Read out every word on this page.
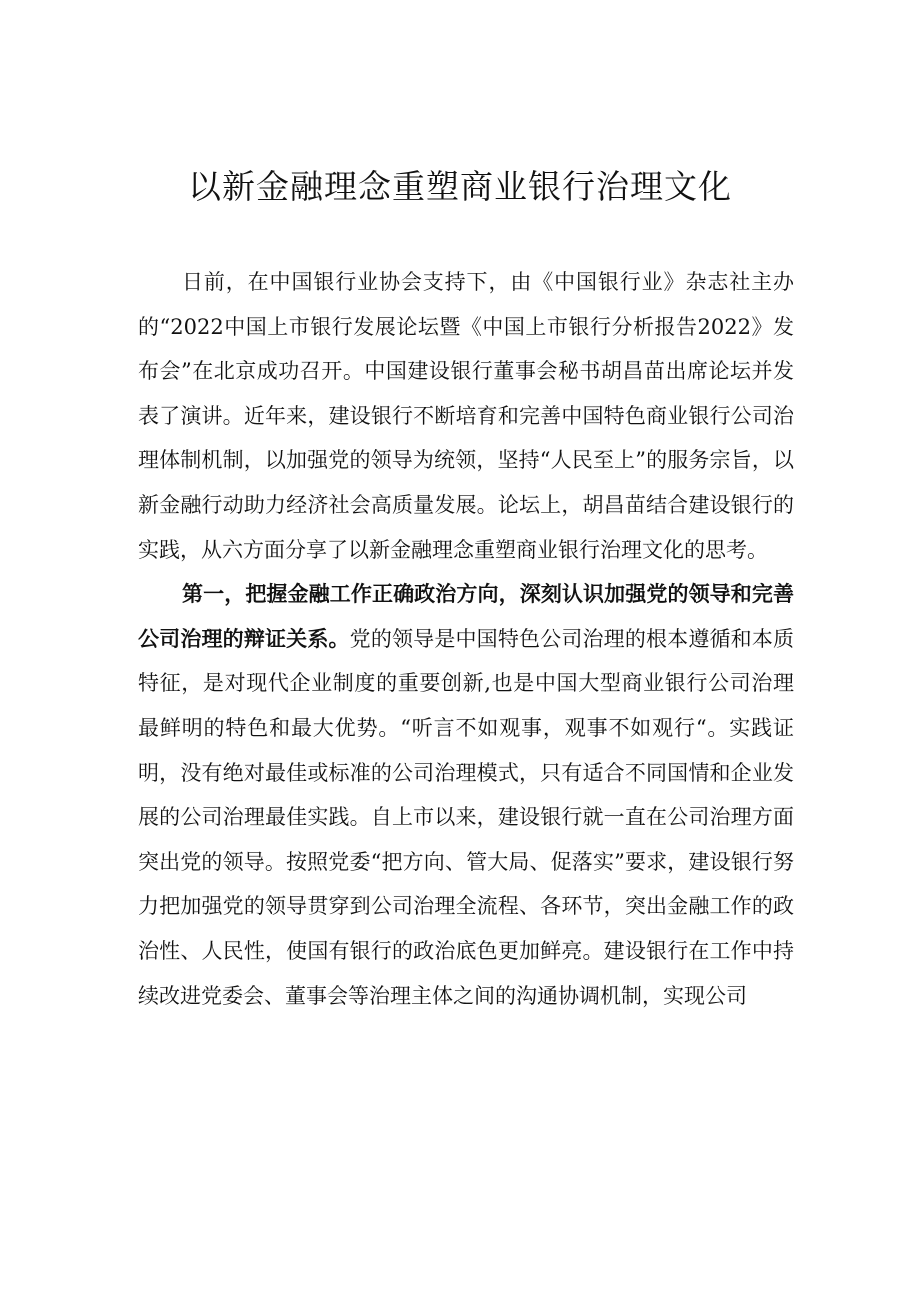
以新金融理念重塑商业银行治理文化

日前，在中国银行业协会支持下，由《中国银行业》杂志社主办的“2022中国上市银行发展论坛暨《中国上市银行分析报告2022》发布会”在北京成功召开。中国建设银行董事会秘书胡昌苗出席论坛并发表了演讲。近年来，建设银行不断培育和完善中国特色商业银行公司治理体制机制，以加强党的领导为统领，坚持“人民至上”的服务宗旨，以新金融行动助力经济社会高质量发展。论坛上，胡昌苗结合建设银行的实践，从六方面分享了以新金融理念重塑商业银行治理文化的思考。

第一，把握金融工作正确政治方向，深刻认识加强党的领导和完善公司治理的辩证关系。党的领导是中国特色公司治理的根本遵循和本质特征，是对现代企业制度的重要创新,也是中国大型商业银行公司治理最鲜明的特色和最大优势。“听言不如观事，观事不如观行“。实践证明，没有绝对最佳或标准的公司治理模式，只有适合不同国情和企业发展的公司治理最佳实践。自上市以来，建设银行就一直在公司治理方面突出党的领导。按照党委“把方向、管大局、促落实”要求，建设银行努力把加强党的领导贯穿到公司治理全流程、各环节，突出金融工作的政治性、人民性，使国有银行的政治底色更加鲜亮。建设银行在工作中持续改进党委会、董事会等治理主体之间的沟通协调机制，实现公司
